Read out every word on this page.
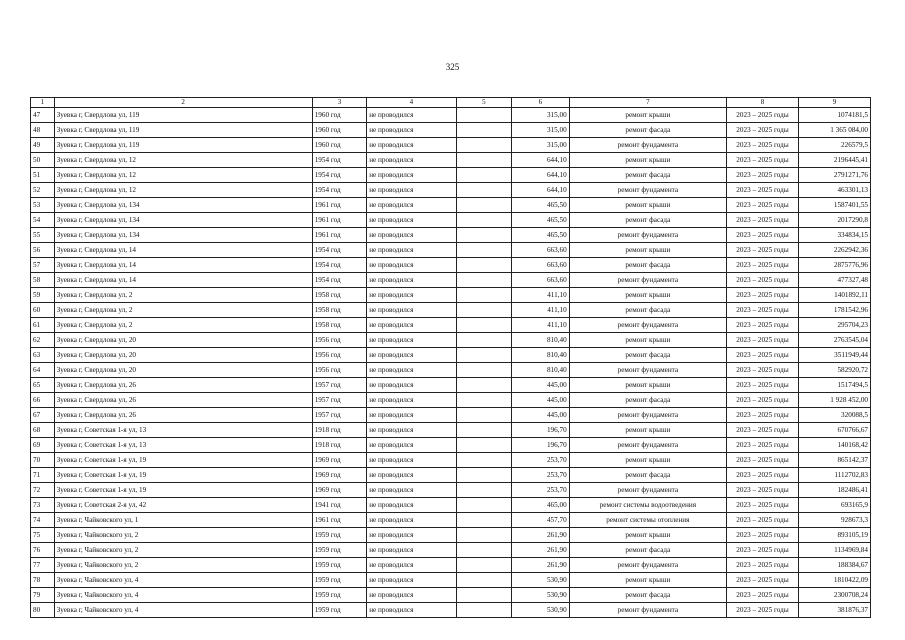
325
1	2	3	4	5	6	7	8	9
47	Зуевка г, Свердлова ул, 119	1960 год	не проводился		315,00	ремонт крыши	2023 – 2025 годы	1074181,5
48	Зуевка г, Свердлова ул, 119	1960 год	не проводился		315,00	ремонт фасада	2023 – 2025 годы	1 365 084,00
49	Зуевка г, Свердлова ул, 119	1960 год	не проводился		315,00	ремонт фундамента	2023 – 2025 годы	226579,5
50	Зуевка г, Свердлова ул, 12	1954 год	не проводился		644,10	ремонт крыши	2023 – 2025 годы	2196445,41
51	Зуевка г, Свердлова ул, 12	1954 год	не проводился		644,10	ремонт фасада	2023 – 2025 годы	2791271,76
52	Зуевка г, Свердлова ул, 12	1954 год	не проводился		644,10	ремонт фундамента	2023 – 2025 годы	463301,13
53	Зуевка г, Свердлова ул, 134	1961 год	не проводился		465,50	ремонт крыши	2023 – 2025 годы	1587401,55
54	Зуевка г, Свердлова ул, 134	1961 год	не проводился		465,50	ремонт фасада	2023 – 2025 годы	2017290,8
55	Зуевка г, Свердлова ул, 134	1961 год	не проводился		465,50	ремонт фундамента	2023 – 2025 годы	334834,15
56	Зуевка г, Свердлова ул, 14	1954 год	не проводился		663,60	ремонт крыши	2023 – 2025 годы	2262942,36
57	Зуевка г, Свердлова ул, 14	1954 год	не проводился		663,60	ремонт фасада	2023 – 2025 годы	2875776,96
58	Зуевка г, Свердлова ул, 14	1954 год	не проводился		663,60	ремонт фундамента	2023 – 2025 годы	477327,48
59	Зуевка г, Свердлова ул, 2	1958 год	не проводился		411,10	ремонт крыши	2023 – 2025 годы	1401892,11
60	Зуевка г, Свердлова ул, 2	1958 год	не проводился		411,10	ремонт фасада	2023 – 2025 годы	1781542,96
61	Зуевка г, Свердлова ул, 2	1958 год	не проводился		411,10	ремонт фундамента	2023 – 2025 годы	295704,23
62	Зуевка г, Свердлова ул, 20	1956 год	не проводился		810,40	ремонт крыши	2023 – 2025 годы	2763545,04
63	Зуевка г, Свердлова ул, 20	1956 год	не проводился		810,40	ремонт фасада	2023 – 2025 годы	3511949,44
64	Зуевка г, Свердлова ул, 20	1956 год	не проводился		810,40	ремонт фундамента	2023 – 2025 годы	582920,72
65	Зуевка г, Свердлова ул, 26	1957 год	не проводился		445,00	ремонт крыши	2023 – 2025 годы	1517494,5
66	Зуевка г, Свердлова ул, 26	1957 год	не проводился		445,00	ремонт фасада	2023 – 2025 годы	1 928 452,00
67	Зуевка г, Свердлова ул, 26	1957 год	не проводился		445,00	ремонт фундамента	2023 – 2025 годы	320088,5
68	Зуевка г, Советская 1-я ул, 13	1918 год	не проводился		196,70	ремонт крыши	2023 – 2025 годы	670766,67
69	Зуевка г, Советская 1-я ул, 13	1918 год	не проводился		196,70	ремонт фундамента	2023 – 2025 годы	140168,42
70	Зуевка г, Советская 1-я ул, 19	1969 год	не проводился		253,70	ремонт крыши	2023 – 2025 годы	865142,37
71	Зуевка г, Советская 1-я ул, 19	1969 год	не проводился		253,70	ремонт фасада	2023 – 2025 годы	1112702,83
72	Зуевка г, Советская 1-я ул, 19	1969 год	не проводился		253,70	ремонт фундамента	2023 – 2025 годы	182486,41
73	Зуевка г, Советская 2-я ул, 42	1941 год	не проводился		465,00	ремонт системы водоотведения	2023 – 2025 годы	693165,9
74	Зуевка г, Чайковского ул, 1	1961 год	не проводился		457,70	ремонт системы отопления	2023 – 2025 годы	928673,3
75	Зуевка г, Чайковского ул, 2	1959 год	не проводился		261,90	ремонт крыши	2023 – 2025 годы	893105,19
76	Зуевка г, Чайковского ул, 2	1959 год	не проводился		261,90	ремонт фасада	2023 – 2025 годы	1134969,84
77	Зуевка г, Чайковского ул, 2	1959 год	не проводился		261,90	ремонт фундамента	2023 – 2025 годы	188384,67
78	Зуевка г, Чайковского ул, 4	1959 год	не проводился		530,90	ремонт крыши	2023 – 2025 годы	1810422,09
79	Зуевка г, Чайковского ул, 4	1959 год	не проводился		530,90	ремонт фасада	2023 – 2025 годы	2300708,24
80	Зуевка г, Чайковского ул, 4	1959 год	не проводился		530,90	ремонт фундамента	2023 – 2025 годы	381876,37
